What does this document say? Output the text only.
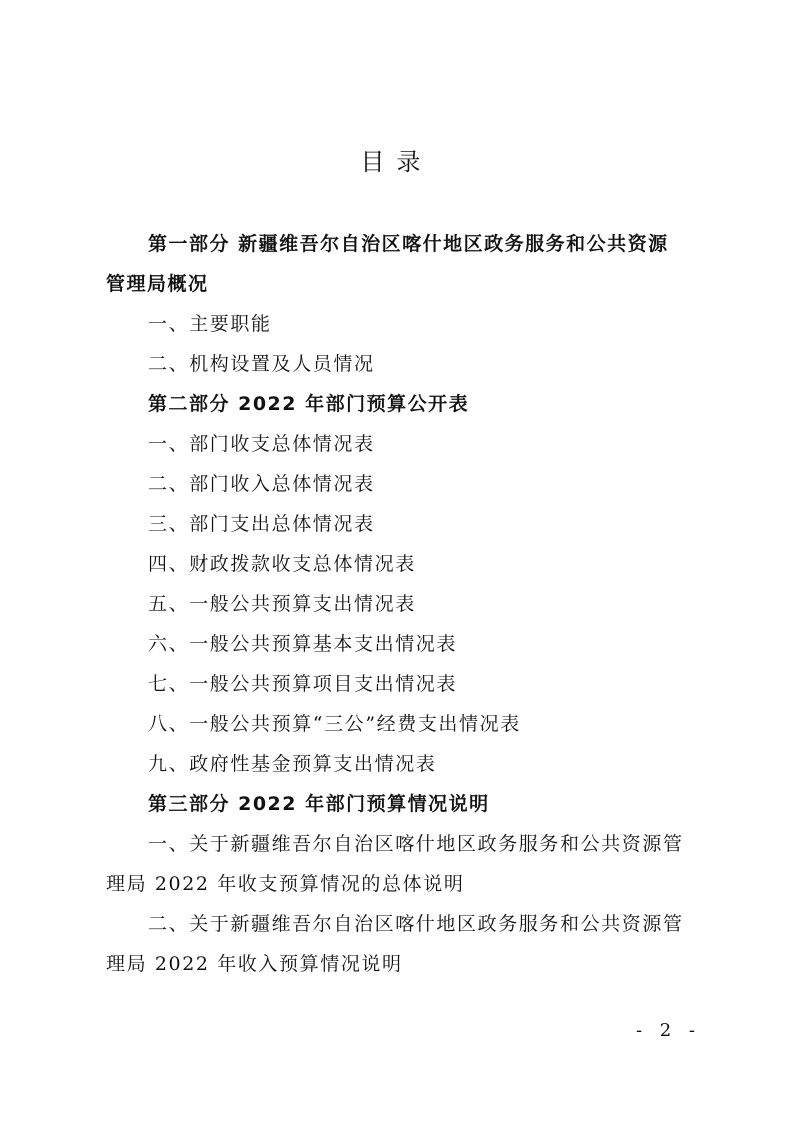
目录
第一部分 新疆维吾尔自治区喀什地区政务服务和公共资源
管理局概况
一、主要职能
二、机构设置及人员情况
第二部分 2022 年部门预算公开表
一、部门收支总体情况表
二、部门收入总体情况表
三、部门支出总体情况表
四、财政拨款收支总体情况表
五、一般公共预算支出情况表
六、一般公共预算基本支出情况表
七、一般公共预算项目支出情况表
八、一般公共预算“三公”经费支出情况表
九、政府性基金预算支出情况表
第三部分 2022 年部门预算情况说明
一、关于新疆维吾尔自治区喀什地区政务服务和公共资源管
理局 2022 年收支预算情况的总体说明
二、关于新疆维吾尔自治区喀什地区政务服务和公共资源管
理局 2022 年收入预算情况说明
- 2 -
